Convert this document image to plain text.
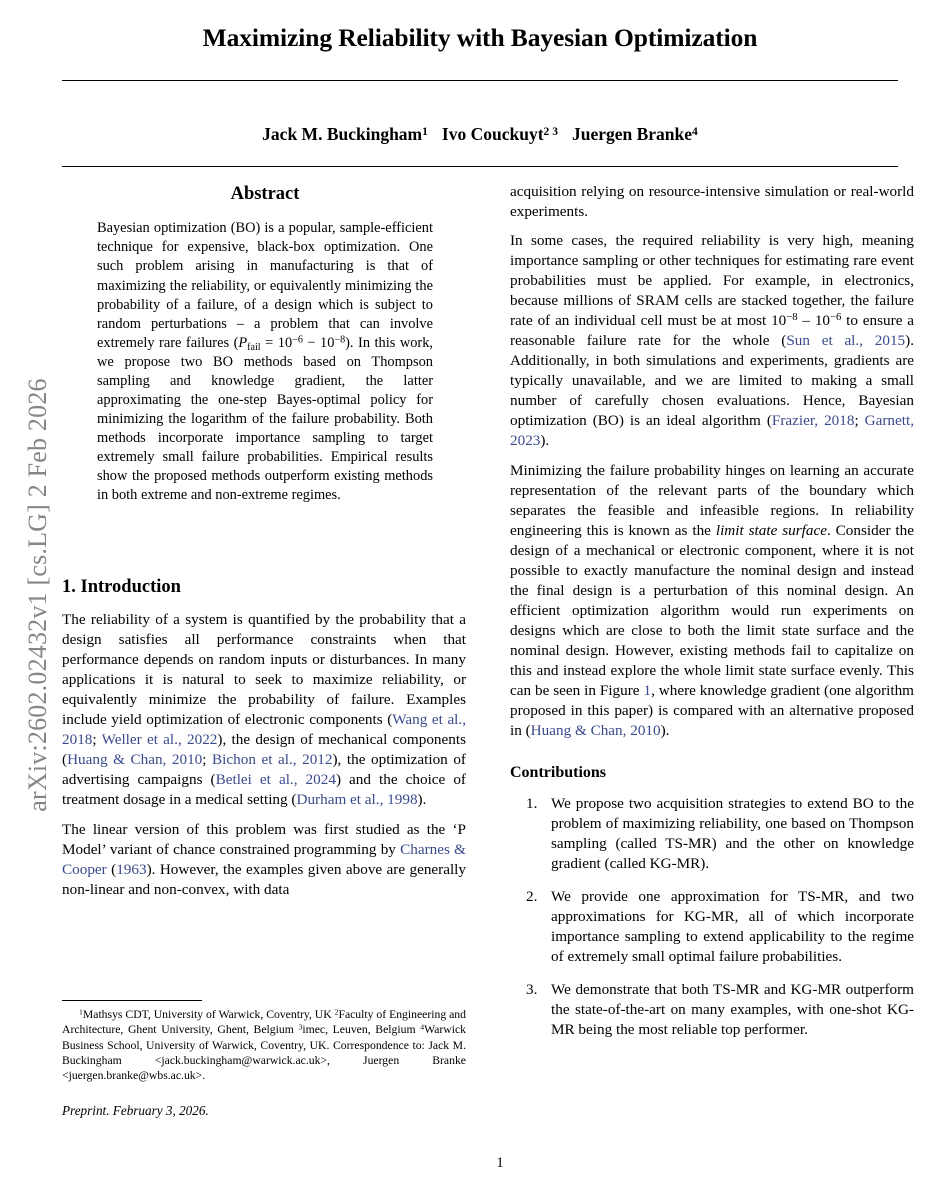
arXiv:2602.02432v1 [cs.LG] 2 Feb 2026
Maximizing Reliability with Bayesian Optimization
Jack M. Buckingham$^1$ Ivo Couckuyt$^{2 3}$ Juergen Branke$^4$
Abstract

Bayesian optimization (BO) is a popular, sample-efficient technique for expensive, black-box optimization. One such problem arising in manufacturing is that of maximizing the reliability, or equivalently minimizing the probability of a failure, of a design which is subject to random perturbations – a problem that can involve extremely rare failures (Pfail = $10^{-6} - 10^{-8}$). In this work, we propose two BO methods based on Thompson sampling and knowledge gradient, the latter approximating the one-step Bayes-optimal policy for minimizing the logarithm of the failure probability. Both methods incorporate importance sampling to target extremely small failure probabilities. Empirical results show the proposed methods outperform existing methods in both extreme and non-extreme regimes.

1. Introduction

The reliability of a system is quantified by the probability that a design satisfies all performance constraints when that performance depends on random inputs or disturbances. In many applications it is natural to seek to maximize reliability, or equivalently minimize the probability of failure. Examples include yield optimization of electronic components (Wang et al., 2018; Weller et al., 2022), the design of mechanical components (Huang & Chan, 2010; Bichon et al., 2012), the optimization of advertising campaigns (Betlei et al., 2024) and the choice of treatment dosage in a medical setting (Durham et al., 1998).

The linear version of this problem was first studied as the ‘P Model’ variant of chance constrained programming by Charnes & Cooper (1963). However, the examples given above are generally non-linear and non-convex, with data

$^1$Mathsys CDT, University of Warwick, Coventry, UK $^2$Faculty of Engineering and Architecture, Ghent University, Ghent, Belgium $^3$imec, Leuven, Belgium $^4$Warwick Business School, University of Warwick, Coventry, UK. Correspondence to: Jack M. Buckingham <jack.buckingham@warwick.ac.uk>, Juergen Branke <juergen.branke@wbs.ac.uk>.
Preprint. February 3, 2026.

acquisition relying on resource-intensive simulation or real-world experiments.

In some cases, the required reliability is very high, meaning importance sampling or other techniques for estimating rare event probabilities must be applied. For example, in electronics, because millions of SRAM cells are stacked together, the failure rate of an individual cell must be at most $10^{-8} - 10^{-6}$ to ensure a reasonable failure rate for the whole (Sun et al., 2015). Additionally, in both simulations and experiments, gradients are typically unavailable, and we are limited to making a small number of carefully chosen evaluations. Hence, Bayesian optimization (BO) is an ideal algorithm (Frazier, 2018; Garnett, 2023).

Minimizing the failure probability hinges on learning an accurate representation of the relevant parts of the boundary which separates the feasible and infeasible regions. In reliability engineering this is known as the limit state surface. Consider the design of a mechanical or electronic component, where it is not possible to exactly manufacture the nominal design and instead the final design is a perturbation of this nominal design. An efficient optimization algorithm would run experiments on designs which are close to both the limit state surface and the nominal design. However, existing methods fail to capitalize on this and instead explore the whole limit state surface evenly. This can be seen in Figure 1, where knowledge gradient (one algorithm proposed in this paper) is compared with an alternative proposed in (Huang & Chan, 2010).

Contributions
We propose two acquisition strategies to extend BO to the problem of maximizing reliability, one based on Thompson sampling (called TS-MR) and the other on knowledge gradient (called KG-MR).
We provide one approximation for TS-MR, and two approximations for KG-MR, all of which incorporate importance sampling to extend applicability to the regime of extremely small optimal failure probabilities.
We demonstrate that both TS-MR and KG-MR outperform the state-of-the-art on many examples, with one-shot KG-MR being the most reliable top performer.
1
